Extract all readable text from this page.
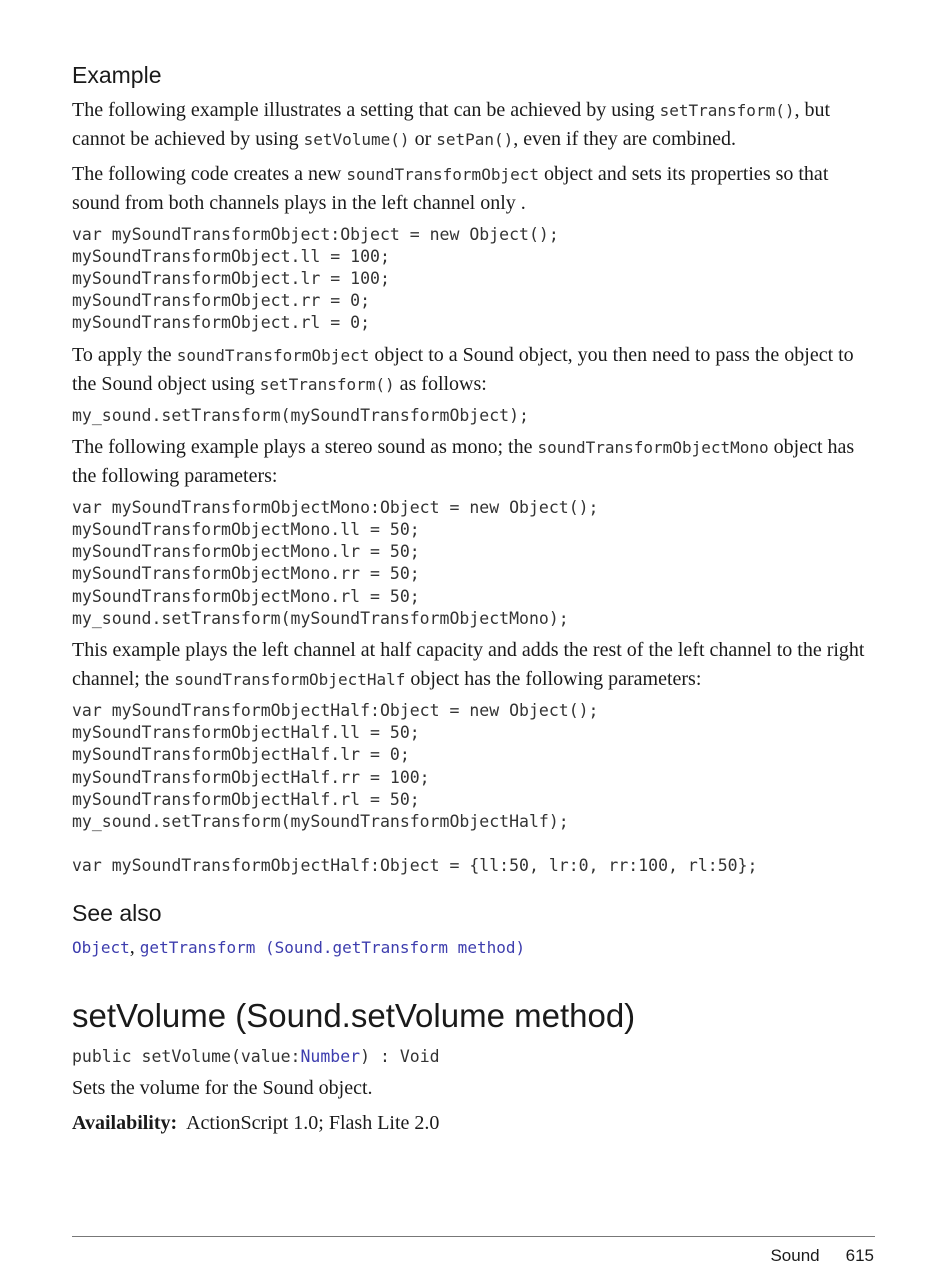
Example

The following example illustrates a setting that can be achieved by using setTransform(), but cannot be achieved by using setVolume() or setPan(), even if they are combined.

The following code creates a new soundTransformObject object and sets its properties so that sound from both channels plays in the left channel only .

var mySoundTransformObject:Object = new Object();
mySoundTransformObject.ll = 100;
mySoundTransformObject.lr = 100;
mySoundTransformObject.rr = 0;
mySoundTransformObject.rl = 0;

To apply the soundTransformObject object to a Sound object, you then need to pass the object to the Sound object using setTransform() as follows:

my_sound.setTransform(mySoundTransformObject);

The following example plays a stereo sound as mono; the soundTransformObjectMono object has the following parameters:

var mySoundTransformObjectMono:Object = new Object();
mySoundTransformObjectMono.ll = 50;
mySoundTransformObjectMono.lr = 50;
mySoundTransformObjectMono.rr = 50;
mySoundTransformObjectMono.rl = 50;
my_sound.setTransform(mySoundTransformObjectMono);

This example plays the left channel at half capacity and adds the rest of the left channel to the right channel; the soundTransformObjectHalf object has the following parameters:

var mySoundTransformObjectHalf:Object = new Object();
mySoundTransformObjectHalf.ll = 50;
mySoundTransformObjectHalf.lr = 0;
mySoundTransformObjectHalf.rr = 100;
mySoundTransformObjectHalf.rl = 50;
my_sound.setTransform(mySoundTransformObjectHalf);

var mySoundTransformObjectHalf:Object = {ll:50, lr:0, rr:100, rl:50};
See also

Object, getTransform (Sound.getTransform method)

setVolume (Sound.setVolume method)
public setVolume(value:Number) : Void

Sets the volume for the Sound object.

Availability:  ActionScript 1.0; Flash Lite 2.0

Sound 615
